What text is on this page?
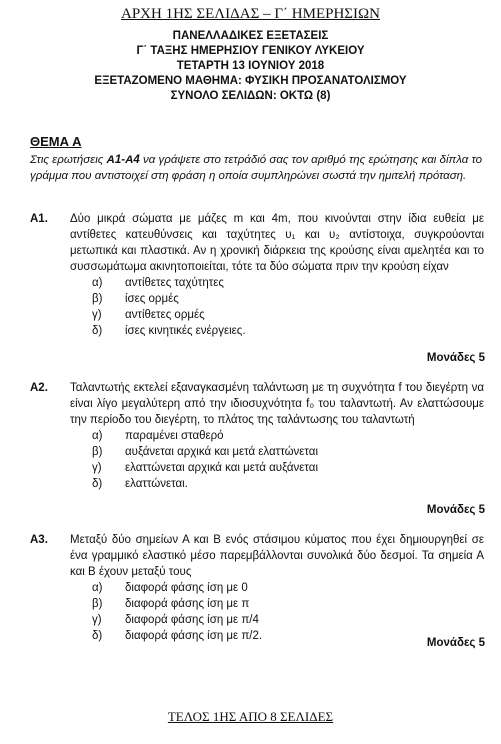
ΑΡΧΗ 1ΗΣ ΣΕΛΙΔΑΣ – Γ΄ ΗΜΕΡΗΣΙΩΝ
ΠΑΝΕΛΛΑΔΙΚΕΣ ΕΞΕΤΑΣΕΙΣ
Γ΄ ΤΑΞΗΣ ΗΜΕΡΗΣΙΟΥ ΓΕΝΙΚΟΥ ΛΥΚΕΙΟΥ
ΤΕΤΑΡΤΗ 13 ΙΟΥΝΙΟΥ 2018
ΕΞΕΤΑΖΟΜΕΝΟ ΜΑΘΗΜΑ: ΦΥΣΙΚΗ ΠΡΟΣΑΝΑΤΟΛΙΣΜΟΥ
ΣΥΝΟΛΟ ΣΕΛΙΔΩΝ: ΟΚΤΩ (8)
ΘΕΜΑ Α
Στις ερωτήσεις Α1-Α4 να γράψετε στο τετράδιό σας τον αριθμό της ερώτησης και δίπλα το γράμμα που αντιστοιχεί στη φράση η οποία συμπληρώνει σωστά την ημιτελή πρόταση.
Α1. Δύο μικρά σώματα με μάζες m και 4m, που κινούνται στην ίδια ευθεία με αντίθετες κατευθύνσεις και ταχύτητες υ₁ και υ₂ αντίστοιχα, συγκρούονται μετωπικά και πλαστικά. Αν η χρονική διάρκεια της κρούσης είναι αμελητέα και το συσσωμάτωμα ακινητοποιείται, τότε τα δύο σώματα πριν την κρούση είχαν
α) αντίθετες ταχύτητες
β) ίσες ορμές
γ) αντίθετες ορμές
δ) ίσες κινητικές ενέργειες.
Μονάδες 5
Α2. Ταλαντωτής εκτελεί εξαναγκασμένη ταλάντωση με τη συχνότητα f του διεγέρτη να είναι λίγο μεγαλύτερη από την ιδιοσυχνότητα f₀ του ταλαντωτή. Αν ελαττώσουμε την περίοδο του διεγέρτη, το πλάτος της ταλάντωσης του ταλαντωτή
α) παραμένει σταθερό
β) αυξάνεται αρχικά και μετά ελαττώνεται
γ) ελαττώνεται αρχικά και μετά αυξάνεται
δ) ελαττώνεται.
Μονάδες 5
Α3. Μεταξύ δύο σημείων Α και Β ενός στάσιμου κύματος που έχει δημιουργηθεί σε ένα γραμμικό ελαστικό μέσο παρεμβάλλονται συνολικά δύο δεσμοί. Τα σημεία Α και Β έχουν μεταξύ τους
α) διαφορά φάσης ίση με 0
β) διαφορά φάσης ίση με π
γ) διαφορά φάσης ίση με π/4
δ) διαφορά φάσης ίση με π/2.
Μονάδες 5
ΤΕΛΟΣ 1ΗΣ ΑΠΟ 8 ΣΕΛΙΔΕΣ
